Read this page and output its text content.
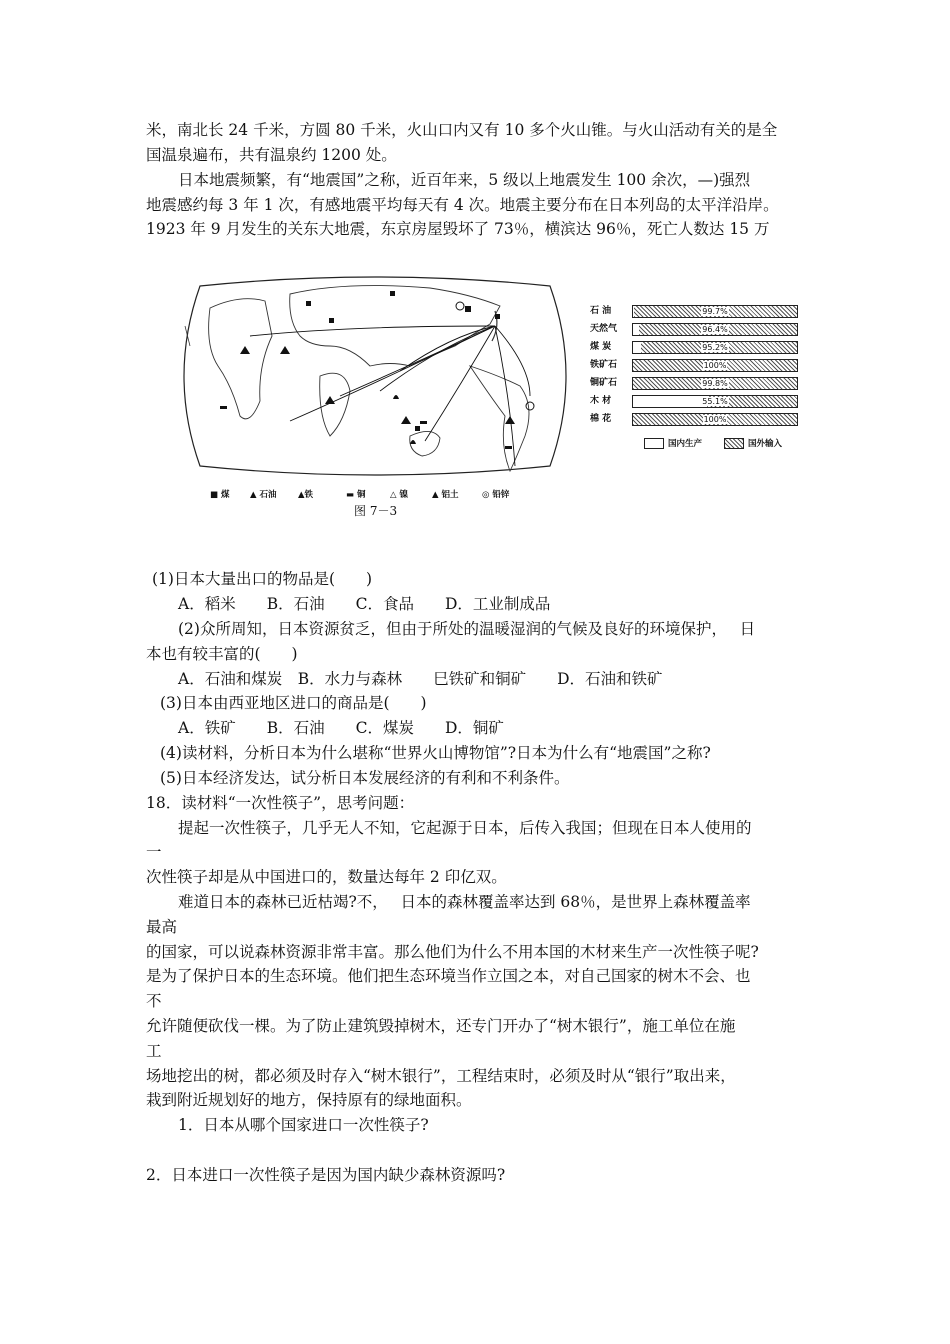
米，南北长 24 千米，方圆 80 千米，火山口内又有 10 多个火山锥。与火山活动有关的是全
国温泉遍布，共有温泉约 1200 处。
日本地震频繁，有“地震国”之称，近百年来，5 级以上地震发生 100 余次，—)强烈
地震感约每 3 年 1 次，有感地震平均每天有 4 次。地震主要分布在日本列岛的太平洋沿岸。
1923 年 9 月发生的关东大地震，东京房屋毁坏了 73％，横滨达 96％，死亡人数达 15 万
石 油	99.7%
天然气	96.4%
煤 炭	95.2%
铁矿石	100%
铜矿石	99.8%
木 材	55.1%
棉 花	100%
国内生产	国外输入
■ 煤 ▲ 石油	▲铁	▬ 铜	△ 镍	▲ 铝土	◎ 铅锌
图 7－3
(1)日本大量出口的物品是(　　)
A．稻米　　B．石油　　C．食品　　D．工业制成品
(2)众所周知，日本资源贫乏，但由于所处的温暖湿润的气候及良好的环境保护，　 日
本也有较丰富的(　　)
A．石油和煤炭　B．水力与森林　　巳铁矿和铜矿　　D．石油和铁矿
(3)日本由西亚地区进口的商品是(　　)
A．铁矿　　B．石油　　C．煤炭　　D．铜矿
(4)读材料，分析日本为什么堪称“世界火山博物馆”?日本为什么有“地震国”之称?
(5)日本经济发达，试分析日本发展经济的有利和不利条件。
18．读材料“一次性筷子”，思考问题：
提起一次性筷子，几乎无人不知，它起源于日本，后传入我国；但现在日本人使用的
一
次性筷子却是从中国进口的，数量达每年 2 印亿双。
难道日本的森林已近枯竭?不，　 日本的森林覆盖率达到 68％，是世界上森林覆盖率
最高
的国家，可以说森林资源非常丰富。那么他们为什么不用本国的木材来生产一次性筷子呢?
是为了保护日本的生态环境。他们把生态环境当作立国之本，对自己国家的树木不会、也
不
允许随便砍伐一棵。为了防止建筑毁掉树木，还专门开办了“树木银行”，施工单位在施
工
场地挖出的树，都必须及时存入“树木银行”，工程结束时，必须及时从“银行”取出来，
栽到附近规划好的地方，保持原有的绿地面积。
1．日本从哪个国家进口一次性筷子?
2．日本进口一次性筷子是因为国内缺少森林资源吗?
